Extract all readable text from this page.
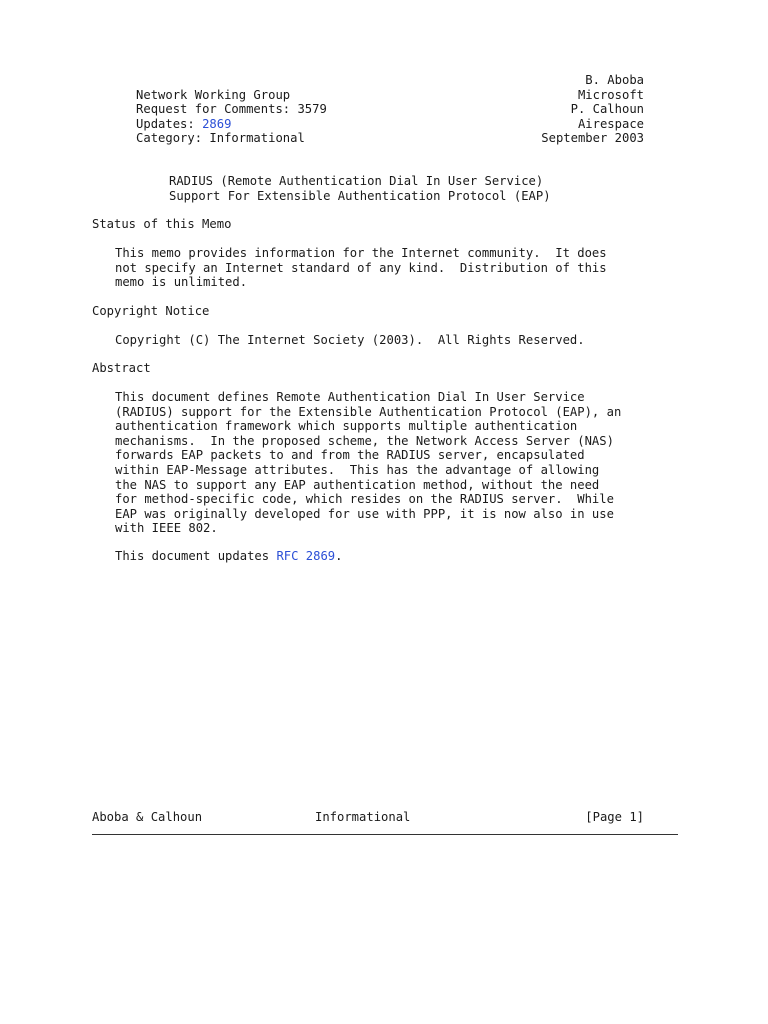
Network Working Group

B. Aboba

Request for Comments: 3579

Microsoft

Updates: 2869

P. Calhoun

Category: Informational

Airespace

September 2003

RADIUS (Remote Authentication Dial In User Service)
Support For Extensible Authentication Protocol (EAP)
Status of this Memo
This memo provides information for the Internet community.  It does
not specify an Internet standard of any kind.  Distribution of this
memo is unlimited.
Copyright Notice
Copyright (C) The Internet Society (2003).  All Rights Reserved.
Abstract
This document defines Remote Authentication Dial In User Service
(RADIUS) support for the Extensible Authentication Protocol (EAP), an
authentication framework which supports multiple authentication
mechanisms.  In the proposed scheme, the Network Access Server (NAS)
forwards EAP packets to and from the RADIUS server, encapsulated
within EAP-Message attributes.  This has the advantage of allowing
the NAS to support any EAP authentication method, without the need
for method-specific code, which resides on the RADIUS server.  While
EAP was originally developed for use with PPP, it is now also in use
with IEEE 802.
This document updates RFC 2869.
Aboba & Calhoun	Informational	[Page 1]
